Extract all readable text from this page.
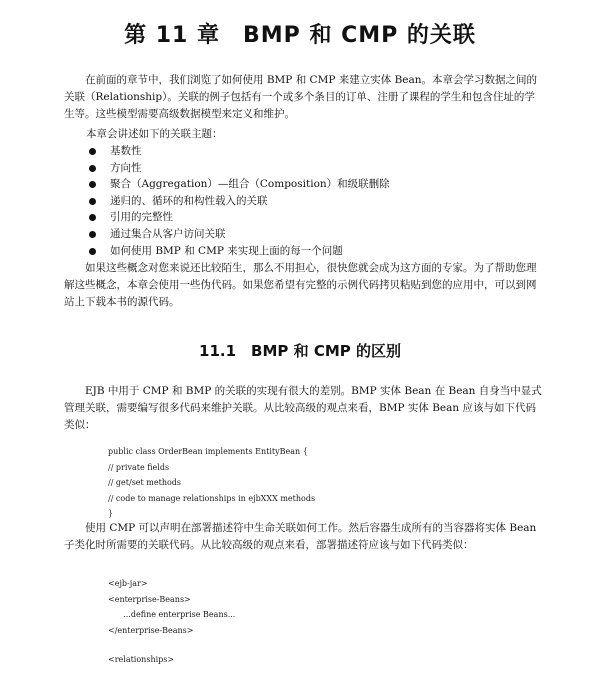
第 11 章　BMP 和 CMP 的关联

在前面的章节中，我们浏览了如何使用 BMP 和 CMP 来建立实体 Bean。本章会学习数据之间的关联（Relationship）。关联的例子包括有一个或多个条目的订单、注册了课程的学生和包含住址的学生等。这些模型需要高级数据模型来定义和维护。

本章会讲述如下的关联主题：

基数性
方向性
聚合（Aggregation）—组合（Composition）和级联删除
递归的、循环的和构性载入的关联
引用的完整性
通过集合从客户访问关联
如何使用 BMP 和 CMP 来实现上面的每一个问题

如果这些概念对您来说还比较陌生，那么不用担心，很快您就会成为这方面的专家。为了帮助您理解这些概念，本章会使用一些伪代码。如果您希望有完整的示例代码拷贝粘贴到您的应用中，可以到网站上下载本书的源代码。

11.1　BMP 和 CMP 的区别

EJB 中用于 CMP 和 BMP 的关联的实现有很大的差别。BMP 实体 Bean 在 Bean 自身当中显式管理关联，需要编写很多代码来维护关联。从比较高级的观点来看，BMP 实体 Bean 应该与如下代码类似：

public class OrderBean implements EntityBean {
// private fields
// get/set methods
// code to manage relationships in ejbXXX methods
}

使用 CMP 可以声明在部署描述符中生命关联如何工作。然后容器生成所有的当容器将实体 Bean 子类化时所需要的关联代码。从比较高级的观点来看，部署描述符应该与如下代码类似：

<ejb-jar>
<enterprise-Beans>
...define enterprise Beans...
</enterprise-Beans>
<relationships>
